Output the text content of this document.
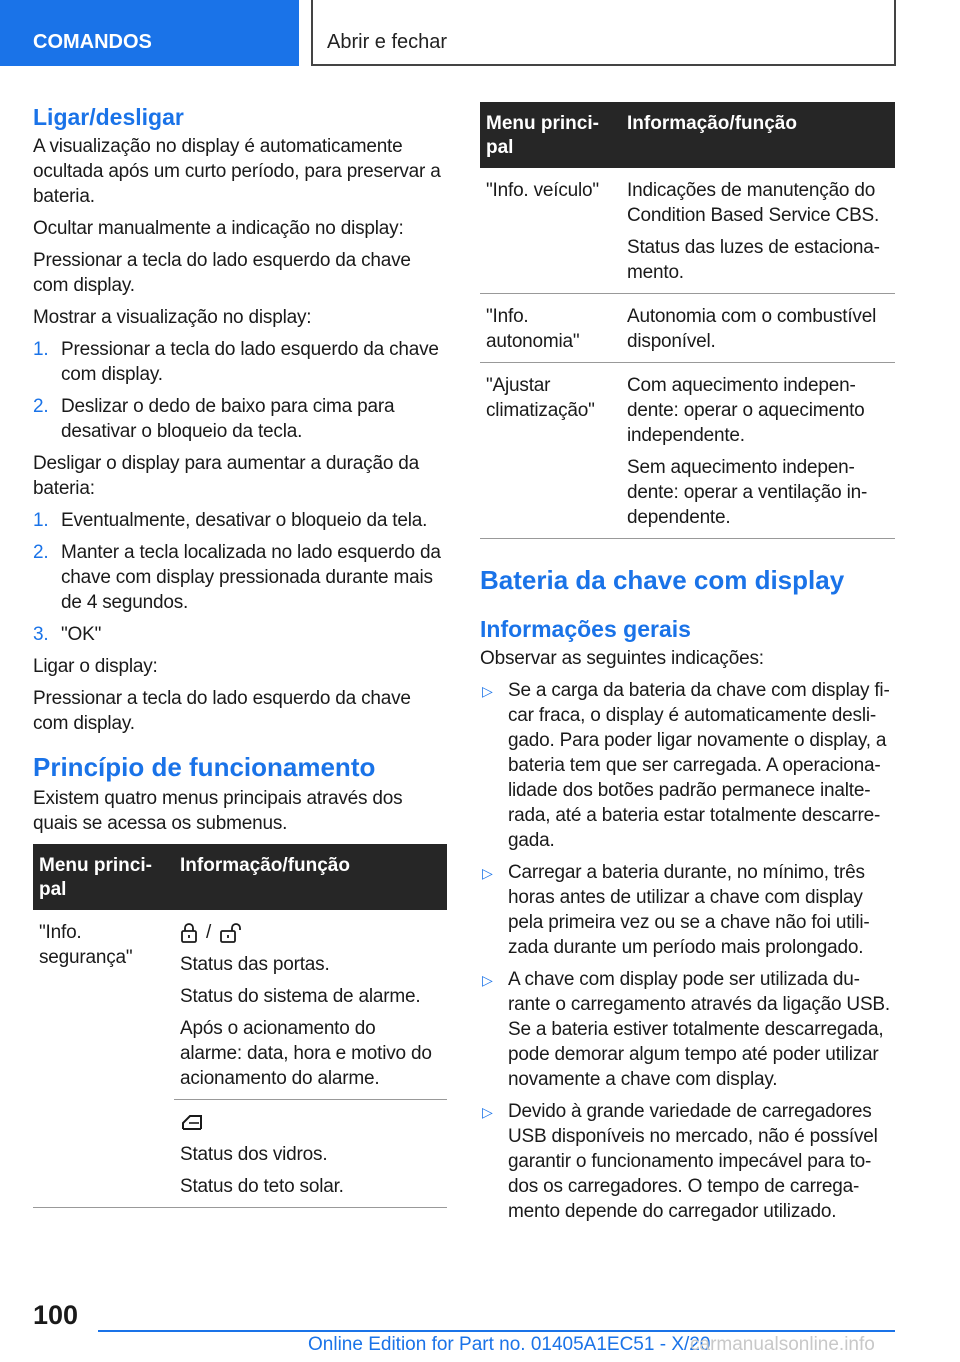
COMANDOS	Abrir e fechar
Ligar/desligar

A visualização no display é automaticamente ocultada após um curto período, para preservar a bateria.

Ocultar manualmente a indicação no display:

Pressionar a tecla do lado esquerdo da chave com display.

Mostrar a visualização no display:

1. Pressionar a tecla do lado esquerdo da chave com display.
2. Deslizar o dedo de baixo para cima para desativar o bloqueio da tecla.

Desligar o display para aumentar a duração da bateria:

1. Eventualmente, desativar o bloqueio da tela.
2. Manter a tecla localizada no lado esquerdo da chave com display pressionada durante mais de 4 segundos.
3. "OK"

Ligar o display:

Pressionar a tecla do lado esquerdo da chave com display.

Princípio de funcionamento

Existem quatro menus principais através dos quais se acessa os submenus.

Menu principal	Informação/função
"Info. segurança"	/

Status das portas.

Status do sistema de alarme.

Após o acionamento do alarme: data, hora e motivo do acionamento do alarme.

	Status dos vidros.

Status do teto solar.

Menu principal	Informação/função
"Info. veículo"	Indicações de manutenção do Condition Based Service CBS.

Status das luzes de estacionamento.

"Info. autonomia"	Autonomia com o combustível disponível.

"Ajustar climatização"	Com aquecimento independente: operar o aquecimento independente.

Sem aquecimento independente: operar a ventilação independente.

Bateria da chave com display
Informações gerais

Observar as seguintes indicações:

▷ Se a carga da bateria da chave com display ficar fraca, o display é automaticamente desligado. Para poder ligar novamente o display, a bateria tem que ser carregada. A operacionalidade dos botões padrão permanece inalterada, até a bateria estar totalmente descarregada.
▷ Carregar a bateria durante, no mínimo, três horas antes de utilizar a chave com display pela primeira vez ou se a chave não foi utilizada durante um período mais prolongado.
▷ A chave com display pode ser utilizada durante o carregamento através da ligação USB. Se a bateria estiver totalmente descarregada, pode demorar algum tempo até poder utilizar novamente a chave com display.
▷ Devido à grande variedade de carregadores USB disponíveis no mercado, não é possível garantir o funcionamento impecável para todos os carregadores. O tempo de carregamento depende do carregador utilizado.
100
Online Edition for Part no. 01405A1EC51 - X/20
carmanualsonline.info
